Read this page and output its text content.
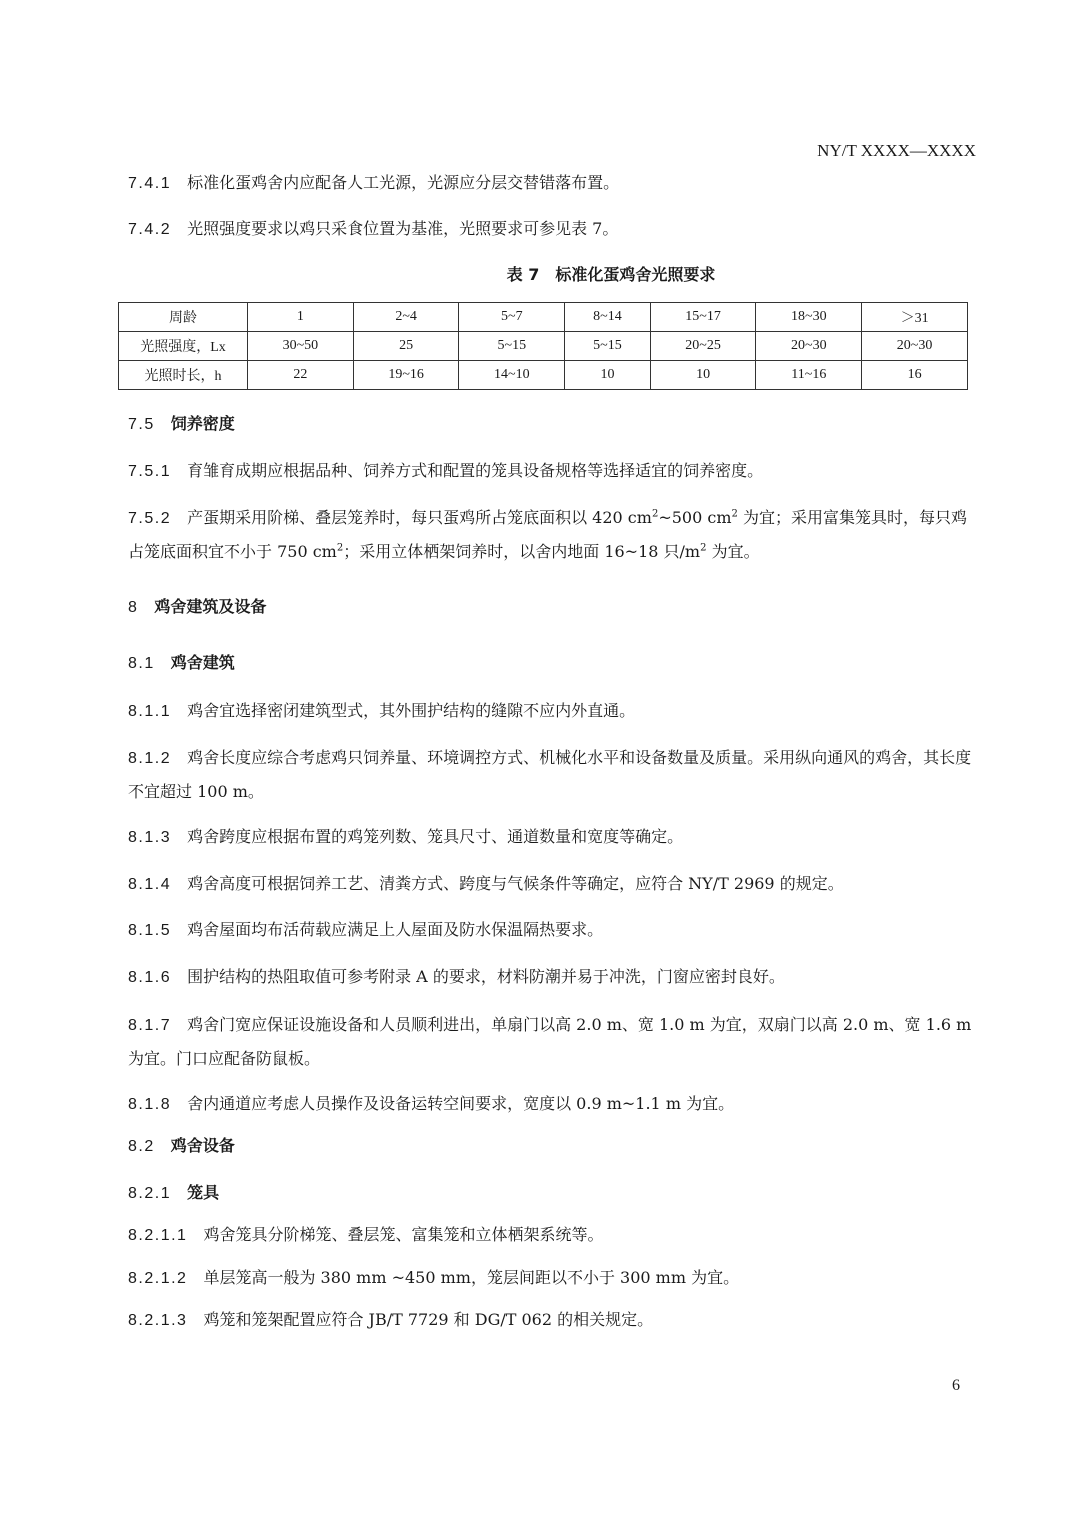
NY/T XXXX—XXXX
7.4.1 标准化蛋鸡舍内应配备人工光源，光源应分层交替错落布置。
7.4.2 光照强度要求以鸡只采食位置为基准，光照要求可参见表 7。
表 7 标准化蛋鸡舍光照要求
周龄	1	2~4	5~7	8~14	15~17	18~30	＞31
光照强度，Lx	30~50	25	5~15	5~15	20~25	20~30	20~30
光照时长，h	22	19~16	14~10	10	10	11~16	16
7.5 饲养密度
7.5.1 育雏育成期应根据品种、饲养方式和配置的笼具设备规格等选择适宜的饲养密度。
7.5.2 产蛋期采用阶梯、叠层笼养时，每只蛋鸡所占笼底面积以 420 $cm^2\sim 500$ $cm^2$ 为宜；采用富集笼具时，每只鸡占笼底面积宜不小于 750 $cm^2$；采用立体栖架饲养时，以舍内地面 16~18 只$/m^2$ 为宜。
8 鸡舍建筑及设备
8.1 鸡舍建筑
8.1.1 鸡舍宜选择密闭建筑型式，其外围护结构的缝隙不应内外直通。
8.1.2 鸡舍长度应综合考虑鸡只饲养量、环境调控方式、机械化水平和设备数量及质量。采用纵向通风的鸡舍，其长度不宜超过 100 m。
8.1.3 鸡舍跨度应根据布置的鸡笼列数、笼具尺寸、通道数量和宽度等确定。
8.1.4 鸡舍高度可根据饲养工艺、清粪方式、跨度与气候条件等确定，应符合 NY/T 2969 的规定。
8.1.5 鸡舍屋面均布活荷载应满足上人屋面及防水保温隔热要求。
8.1.6 围护结构的热阻取值可参考附录 A 的要求，材料防潮并易于冲洗，门窗应密封良好。
8.1.7 鸡舍门宽应保证设施设备和人员顺利进出，单扇门以高 2.0 m、宽 1.0 m 为宜，双扇门以高 2.0 m、宽 1.6 m 为宜。门口应配备防鼠板。
8.1.8 舍内通道应考虑人员操作及设备运转空间要求，宽度以 0.9 m~1.1 m 为宜。
8.2 鸡舍设备
8.2.1 笼具
8.2.1.1 鸡舍笼具分阶梯笼、叠层笼、富集笼和立体栖架系统等。
8.2.1.2 单层笼高一般为 380 mm ~450 mm，笼层间距以不小于 300 mm 为宜。
8.2.1.3 鸡笼和笼架配置应符合 JB/T 7729 和 DG/T 062 的相关规定。
6
